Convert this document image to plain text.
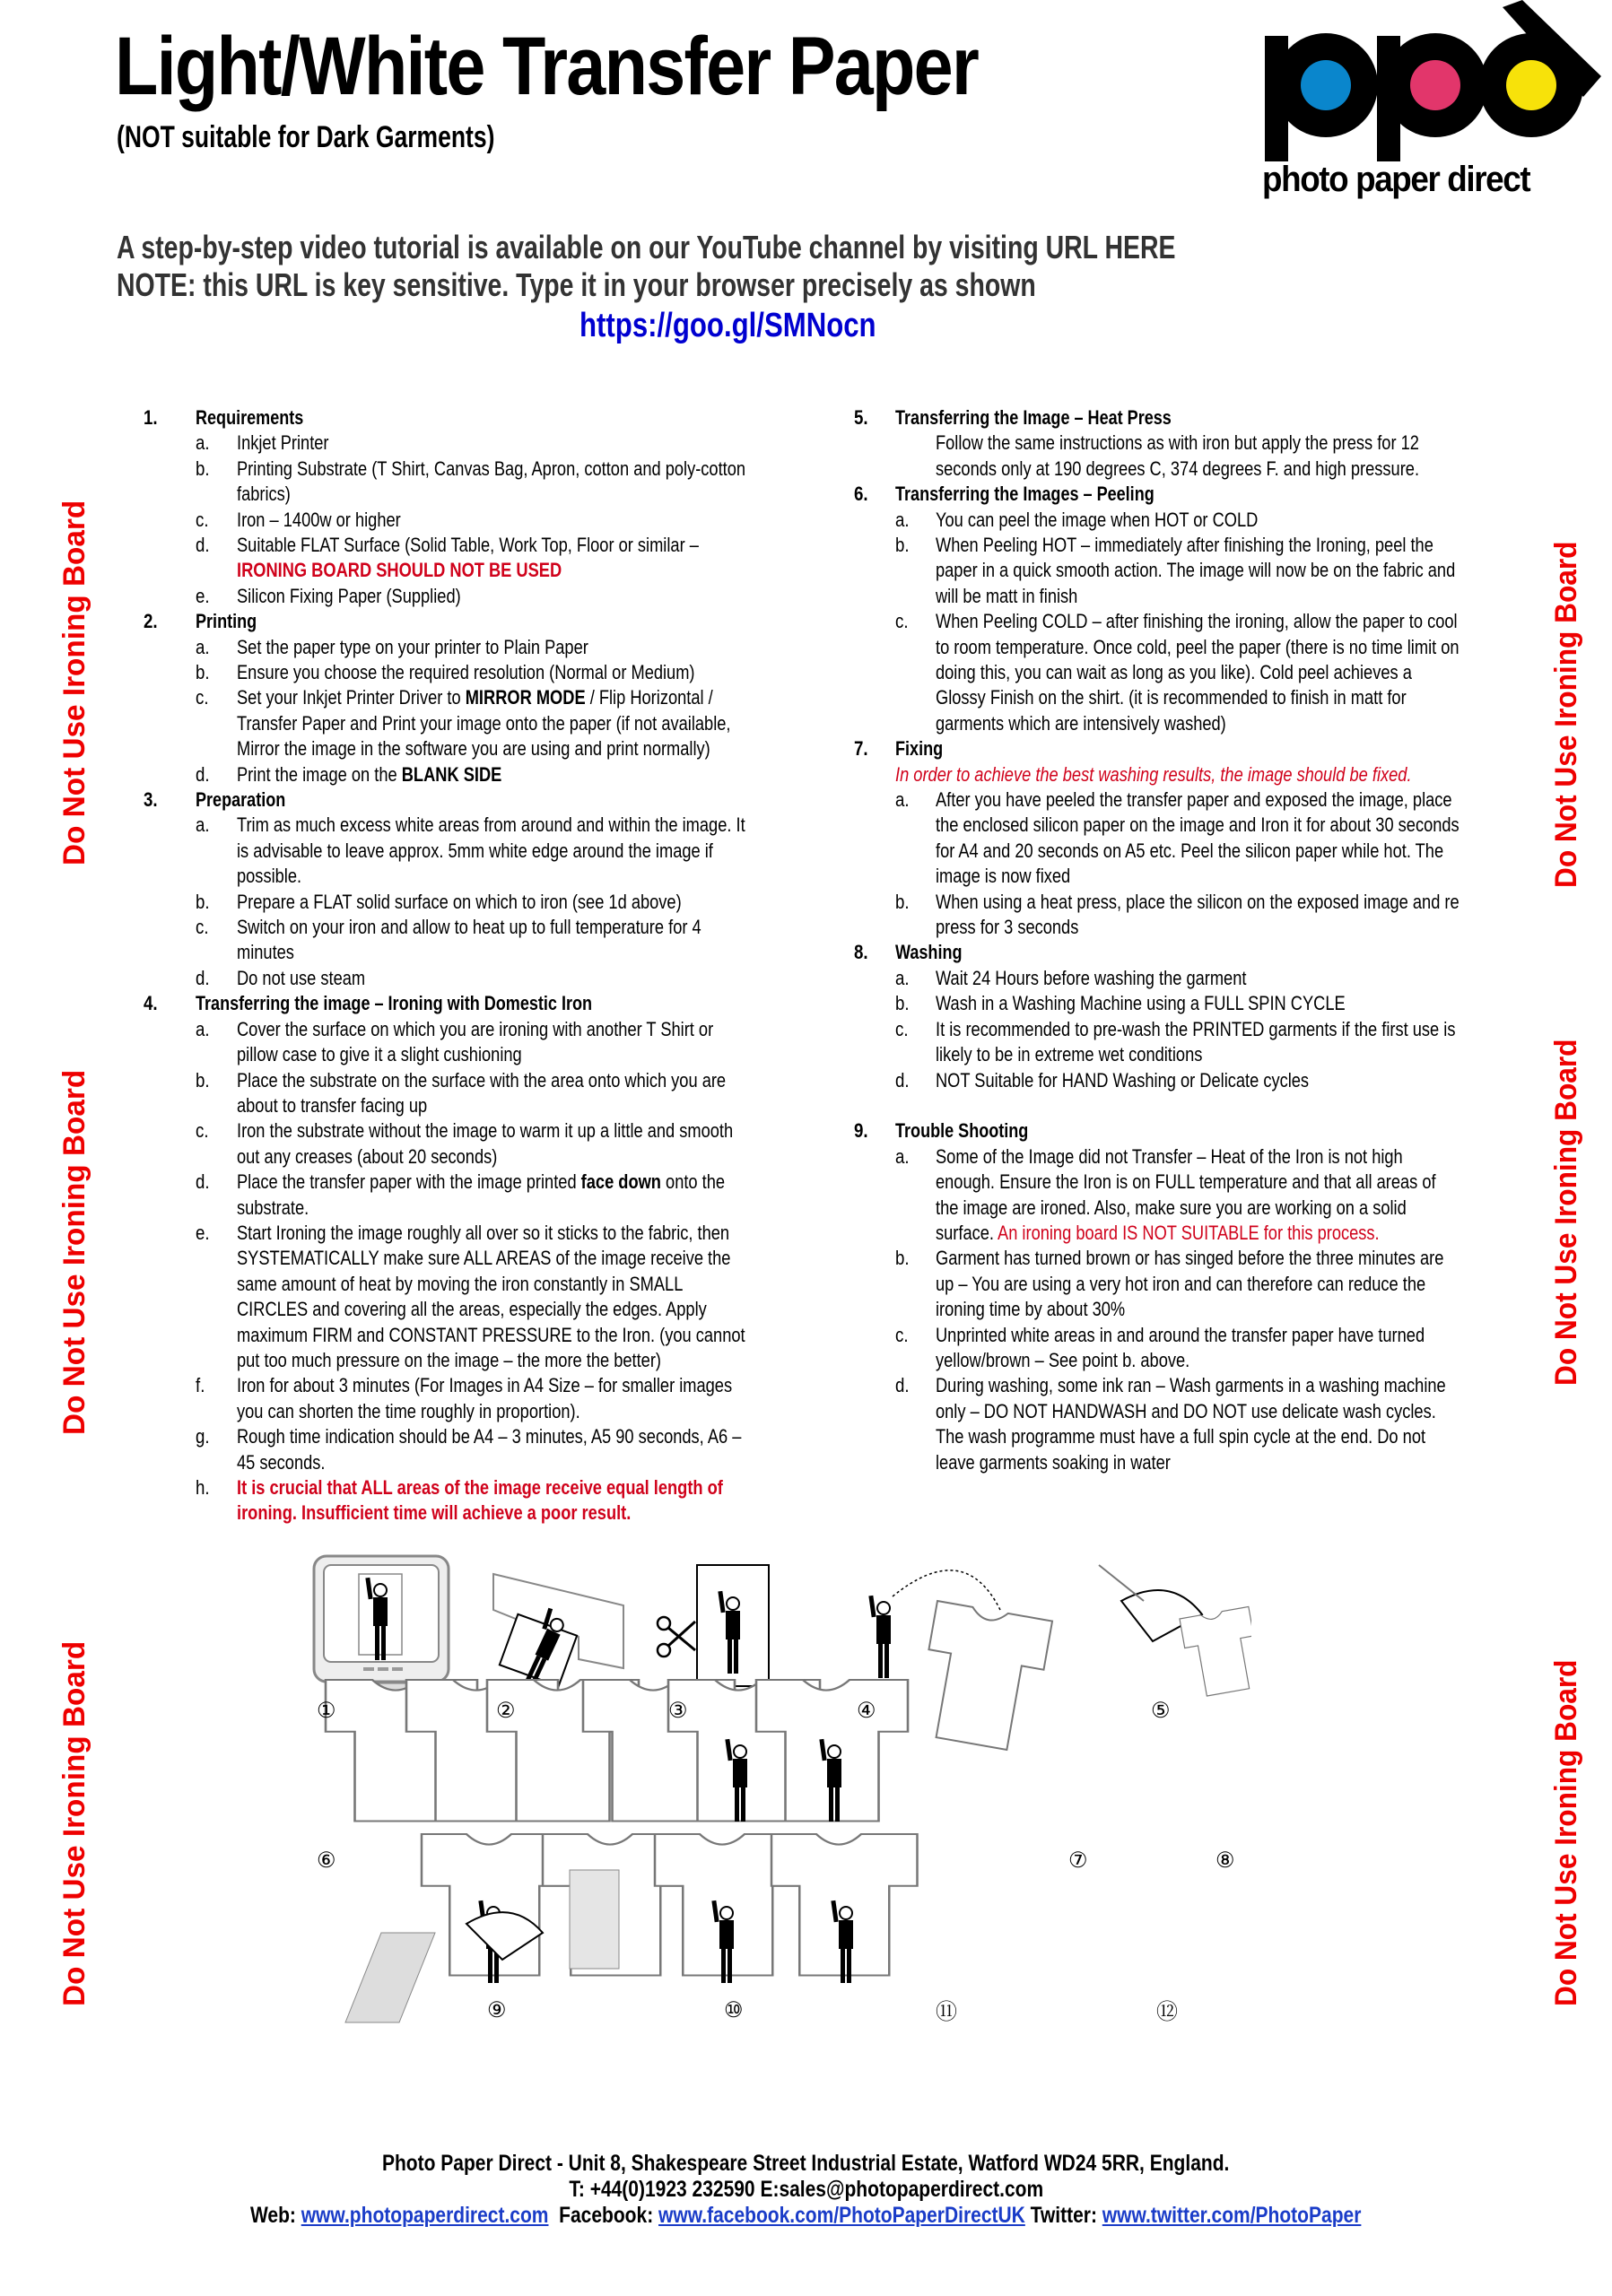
Light/White Transfer Paper
(NOT suitable for Dark Garments)
photo paper direct
A step-by-step video tutorial is available on our YouTube channel by visiting URL HERE
NOTE: this URL is key sensitive. Type it in your browser precisely as shown
https://goo.gl/SMNocn
Do Not Use Ironing Board
Do Not Use Ironing Board
Do Not Use Ironing Board
Do Not Use Ironing Board
Do Not Use Ironing Board
Do Not Use Ironing Board
1. Requirements
a. Inkjet Printer
b. Printing Substrate (T Shirt, Canvas Bag, Apron, cotton and poly-cotton fabrics)
c. Iron – 1400w or higher
d. Suitable FLAT Surface (Solid Table, Work Top, Floor or similar –
IRONING BOARD SHOULD NOT BE USED
e. Silicon Fixing Paper (Supplied)
2. Printing
a. Set the paper type on your printer to Plain Paper
b. Ensure you choose the required resolution (Normal or Medium)
c. Set your Inkjet Printer Driver to MIRROR MODE / Flip Horizontal / Transfer Paper and Print your image onto the paper (if not available, Mirror the image in the software you are using and print normally)
d. Print the image on the BLANK SIDE
3. Preparation
a. Trim as much excess white areas from around and within the image. It is advisable to leave approx. 5mm white edge around the image if possible.
b. Prepare a FLAT solid surface on which to iron (see 1d above)
c. Switch on your iron and allow to heat up to full temperature for 4 minutes
d. Do not use steam
4. Transferring the image – Ironing with Domestic Iron
a. Cover the surface on which you are ironing with another T Shirt or pillow case to give it a slight cushioning
b. Place the substrate on the surface with the area onto which you are about to transfer facing up
c. Iron the substrate without the image to warm it up a little and smooth out any creases (about 20 seconds)
d. Place the transfer paper with the image printed face down onto the substrate.
e. Start Ironing the image roughly all over so it sticks to the fabric, then SYSTEMATICALLY make sure ALL AREAS of the image receive the same amount of heat by moving the iron constantly in SMALL CIRCLES and covering all the areas, especially the edges. Apply maximum FIRM and CONSTANT PRESSURE to the Iron. (you cannot put too much pressure on the image – the more the better)
f. Iron for about 3 minutes (For Images in A4 Size – for smaller images you can shorten the time roughly in proportion).
g. Rough time indication should be A4 – 3 minutes, A5 90 seconds, A6 – 45 seconds.
h. It is crucial that ALL areas of the image receive equal length of ironing. Insufficient time will achieve a poor result.
5. Transferring the Image – Heat Press
Follow the same instructions as with iron but apply the press for 12 seconds only at 190 degrees C, 374 degrees F. and high pressure.
6. Transferring the Images – Peeling
a. You can peel the image when HOT or COLD
b. When Peeling HOT – immediately after finishing the Ironing, peel the paper in a quick smooth action. The image will now be on the fabric and will be matt in finish
c. When Peeling COLD – after finishing the ironing, allow the paper to cool to room temperature. Once cold, peel the paper (there is no time limit on doing this, you can wait as long as you like). Cold peel achieves a Glossy Finish on the shirt. (it is recommended to finish in matt for garments which are intensively washed)
7. Fixing
In order to achieve the best washing results, the image should be fixed.
a. After you have peeled the transfer paper and exposed the image, place the enclosed silicon paper on the image and Iron it for about 30 seconds for A4 and 20 seconds on A5 etc. Peel the silicon paper while hot. The image is now fixed
b. When using a heat press, place the silicon on the exposed image and re press for 3 seconds
8. Washing
a. Wait 24 Hours before washing the garment
b. Wash in a Washing Machine using a FULL SPIN CYCLE
c. It is recommended to pre-wash the PRINTED garments if the first use is likely to be in extreme wet conditions
d. NOT Suitable for HAND Washing or Delicate cycles
9. Trouble Shooting
a. Some of the Image did not Transfer – Heat of the Iron is not high enough. Ensure the Iron is on FULL temperature and that all areas of the image are ironed. Also, make sure you are working on a solid surface. An ironing board IS NOT SUITABLE for this process.
b. Garment has turned brown or has singed before the three minutes are up – You are using a very hot iron and can therefore can reduce the ironing time by about 30%
c. Unprinted white areas in and around the transfer paper have turned yellow/brown – See point b. above.
d. During washing, some ink ran – Wash garments in a washing machine only – DO NOT HANDWASH and DO NOT use delicate wash cycles. The wash programme must have a full spin cycle at the end. Do not leave garments soaking in water
①	②	③	④	⑤
⑥	⑦	⑧
⑨	⑩	⑪	⑫
Photo Paper Direct - Unit 8, Shakespeare Street Industrial Estate, Watford WD24 5RR, England.
T: +44(0)1923 232590 E:sales@photopaperdirect.com
Web: www.photopaperdirect.com Facebook: www.facebook.com/PhotoPaperDirectUK Twitter: www.twitter.com/PhotoPaper
